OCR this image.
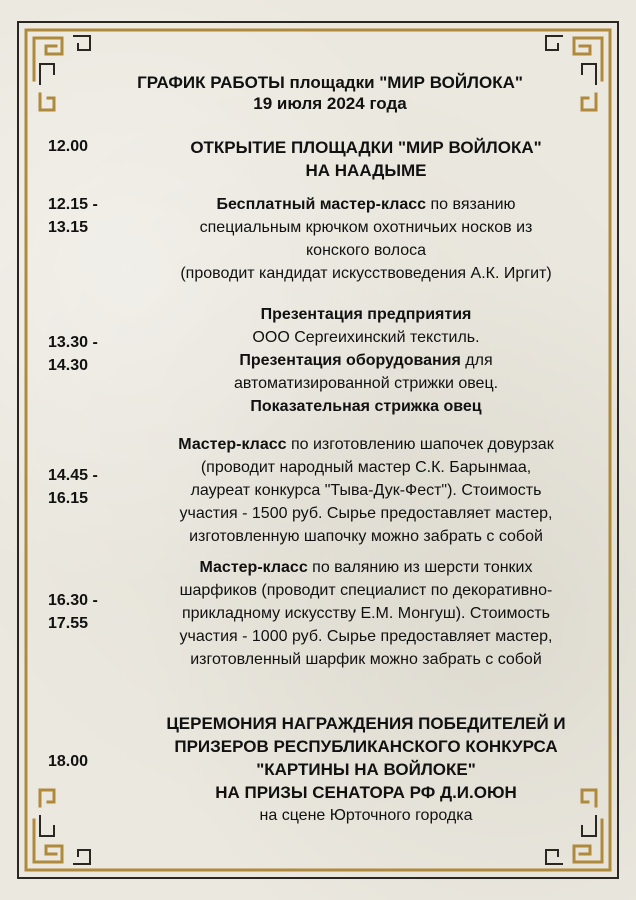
ГРАФИК РАБОТЫ площадки "МИР ВОЙЛОКА"
19 июля 2024 года
12.00	ОТКРЫТИЕ ПЛОЩАДКИ "МИР ВОЙЛОКА"
НА НААДЫМЕ
12.15 -
13.15
Бесплатный мастер-класс по вязанию
специальным крючком охотничьих носков из
конского волоса
(проводит кандидат искусствоведения А.К. Иргит)
13.30 -
14.30
Презентация предприятия
ООО Сергеихинский текстиль.
Презентация оборудования для
автоматизированной стрижки овец.
Показательная стрижка овец
14.45 -
16.15
Мастер-класс по изготовлению шапочек довурзак
(проводит народный мастер С.К. Барынмаа,
лауреат конкурса "Тыва-Дук-Фест"). Стоимость
участия - 1500 руб. Сырье предоставляет мастер,
изготовленную шапочку можно забрать с собой
16.30 -
17.55
Мастер-класс по валянию из шерсти тонких
шарфиков (проводит специалист по декоративно-
прикладному искусству Е.М. Монгуш). Стоимость
участия - 1000 руб. Сырье предоставляет мастер,
изготовленный шарфик можно забрать с собой
18.00
ЦЕРЕМОНИЯ НАГРАЖДЕНИЯ ПОБЕДИТЕЛЕЙ И
ПРИЗЕРОВ РЕСПУБЛИКАНСКОГО КОНКУРСА
"КАРТИНЫ НА ВОЙЛОКЕ"
НА ПРИЗЫ СЕНАТОРА РФ Д.И.ОЮН
на сцене Юрточного городка
